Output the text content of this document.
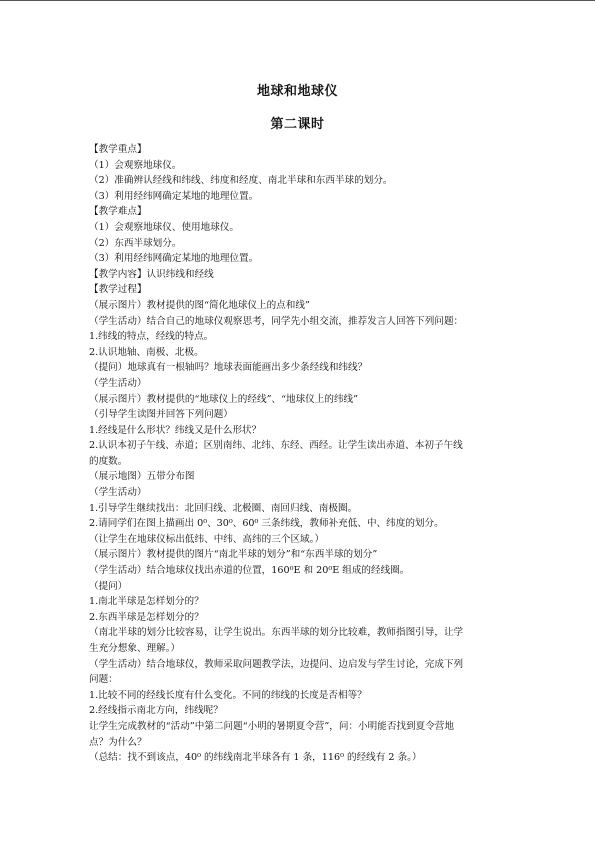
地球和地球仪
第二课时
【教学重点】
（1）会观察地球仪。
（2）准确辨认经线和纬线、纬度和经度、南北半球和东西半球的划分。
（3）利用经纬网确定某地的地理位置。
【教学难点】
（1）会观察地球仪、使用地球仪。
（2）东西半球划分。
（3）利用经纬网确定某地的地理位置。
【教学内容】认识纬线和经线
【教学过程】
（展示图片）教材提供的图“简化地球仪上的点和线”
（学生活动）结合自己的地球仪观察思考，同学先小组交流，推荐发言人回答下列问题：
1.纬线的特点，经线的特点。
2.认识地轴、南极、北极。
（提问）地球真有一根轴吗？地球表面能画出多少条经线和纬线？
（学生活动）
（展示图片）教材提供的“地球仪上的经线”、“地球仪上的纬线”
（引导学生读图并回答下列问题）
1.经线是什么形状？纬线又是什么形状？
2.认识本初子午线、赤道；区别南纬、北纬、东经、西经。让学生读出赤道、本初子午线
的度数。
（展示地图）五带分布图
（学生活动）
1.引导学生继续找出：北回归线、北极圈、南回归线、南极圈。
2.请同学们在图上描画出 0⁰、30⁰、60⁰ 三条纬线，教师补充低、中、纬度的划分。
（让学生在地球仪标出低纬、中纬、高纬的三个区域。）
（展示图片）教材提供的图片“南北半球的划分”和“东西半球的划分”
（学生活动）结合地球仪找出赤道的位置，160⁰E 和 20⁰E 组成的经线圈。
（提问）
1.南北半球是怎样划分的？
2.东西半球是怎样划分的？
（南北半球的划分比较容易，让学生说出。东西半球的划分比较难，教师指图引导，让学
生充分想象、理解。）
（学生活动）结合地球仪，教师采取问题教学法，边提问、边启发与学生讨论，完成下列
问题：
1.比较不同的经线长度有什么变化。不同的纬线的长度是否相等？
2.经线指示南北方向，纬线呢？
让学生完成教材的“活动”中第二问题“小明的暑期夏令营”，问：小明能否找到夏令营地
点？为什么？
（总结：找不到该点，40⁰ 的纬线南北半球各有 1 条，116⁰ 的经线有 2 条。）
